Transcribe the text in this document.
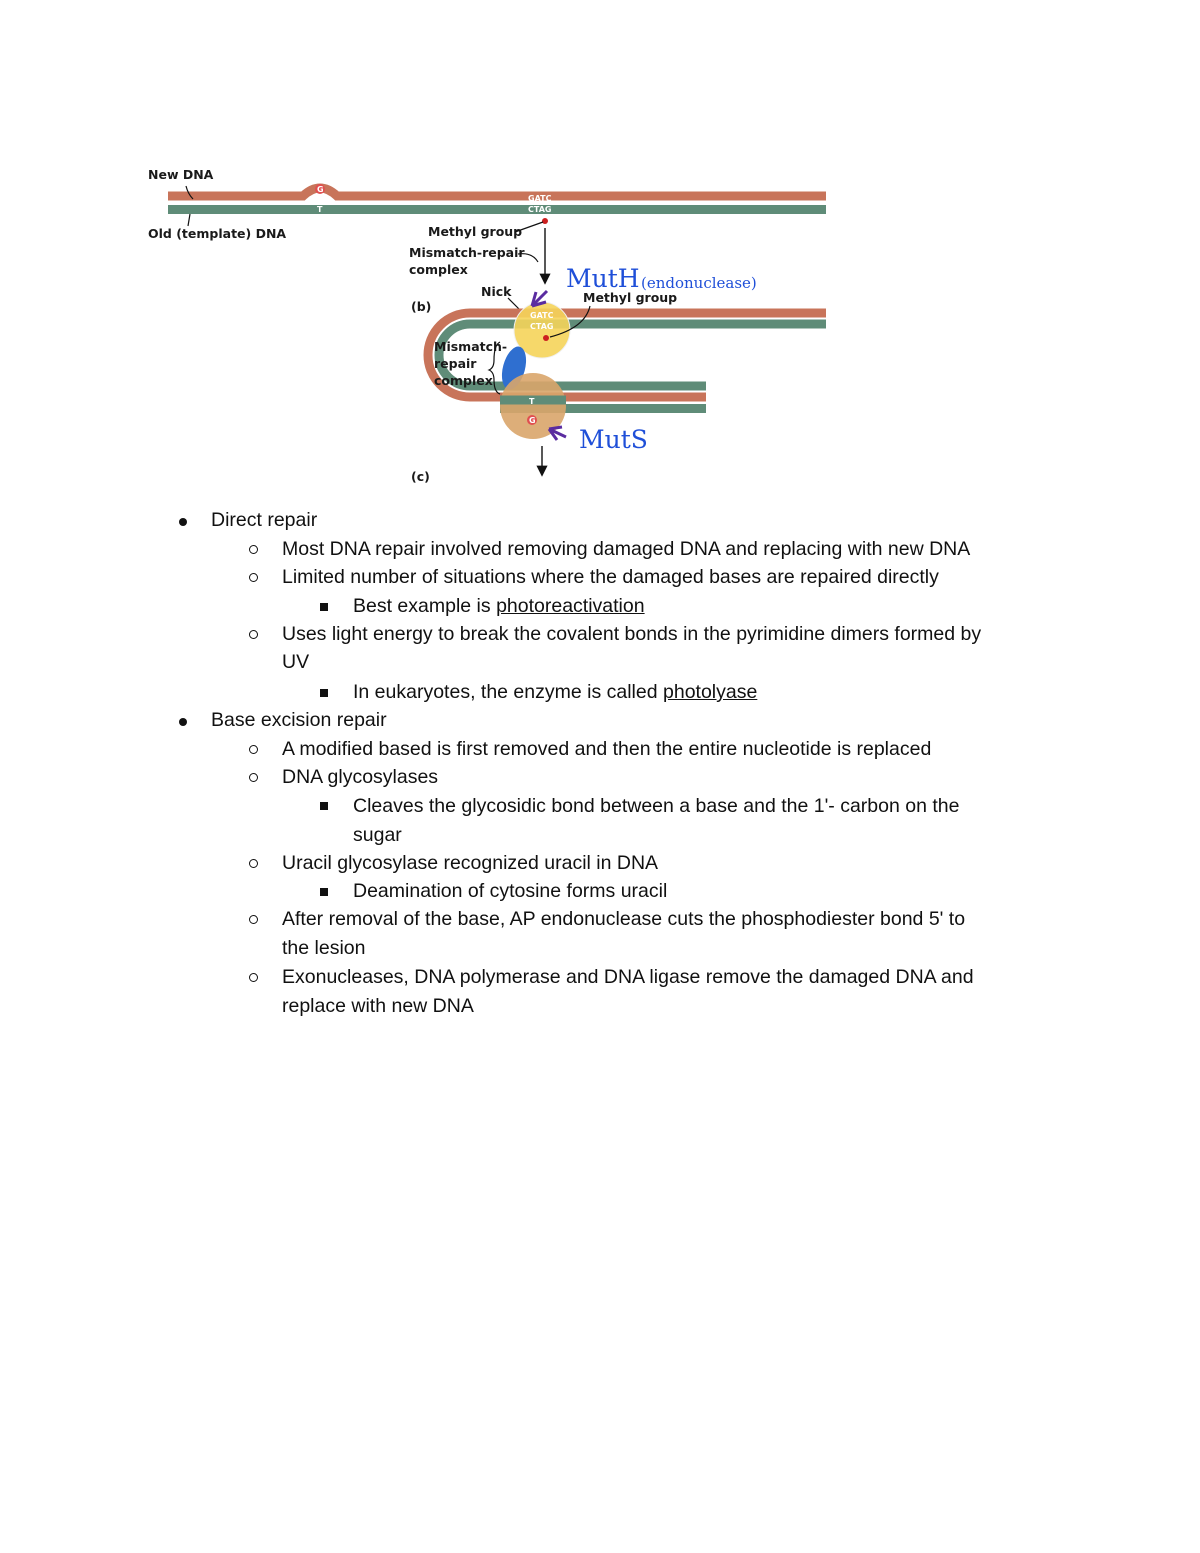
G
T
GATC
CTAG
New DNA
Old (template) DNA	Methyl group
Mismatch-repair
complex
(b)
Nick
GATC
CTAG
Methyl group
T
G
Mismatch-
repair
complex
MutH (endonuclease)
MutS
(c)
Direct repair
Most DNA repair involved removing damaged DNA and replacing with new DNA
Limited number of situations where the damaged bases are repaired directly
Best example is photoreactivation
Uses light energy to break the covalent bonds in the pyrimidine dimers formed by
UV
In eukaryotes, the enzyme is called photolyase
Base excision repair
A modified based is first removed and then the entire nucleotide is replaced
DNA glycosylases
Cleaves the glycosidic bond between a base and the 1'- carbon on the
sugar
Uracil glycosylase recognized uracil in DNA
Deamination of cytosine forms uracil
After removal of the base, AP endonuclease cuts the phosphodiester bond 5' to
the lesion
Exonucleases, DNA polymerase and DNA ligase remove the damaged DNA and
replace with new DNA
